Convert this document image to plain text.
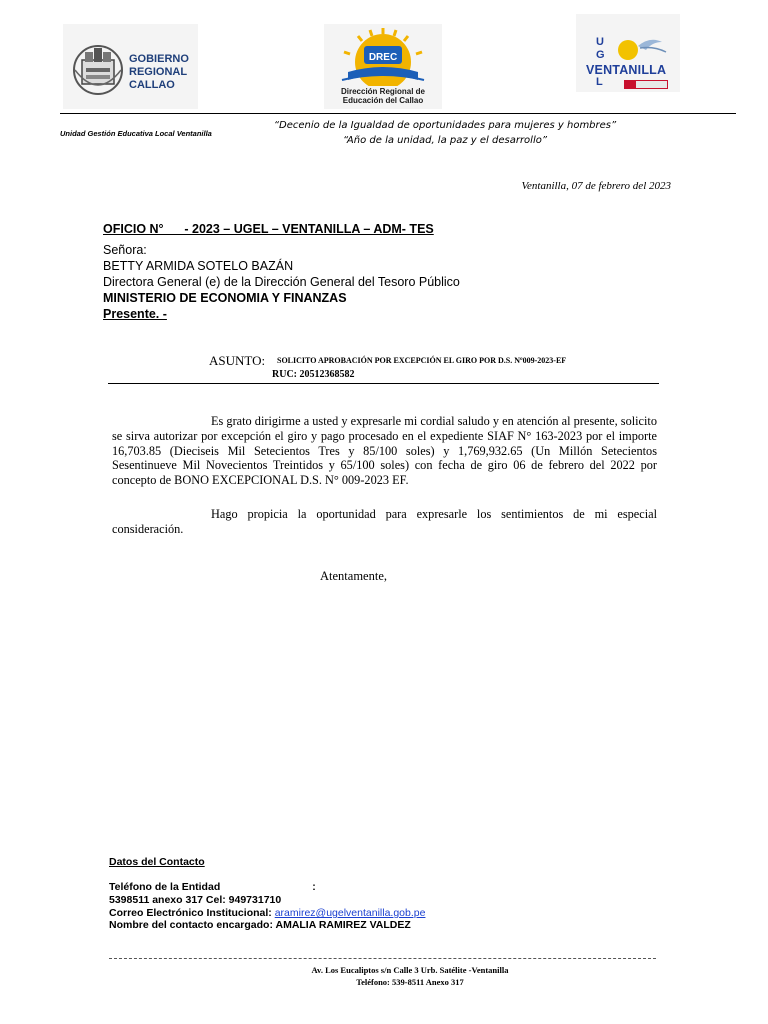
GOBIERNO
REGIONAL
CALLAO
DREC
Dirección Regional de
Educación del Callao
U
G
L
VENTANILLA
“Decenio de la Igualdad de oportunidades para mujeres y hombres”
Unidad Gestión Educativa Local Ventanilla
“Año de la unidad, la paz y el desarrollo”
Ventanilla, 07 de febrero del 2023
OFICIO N°      - 2023 – UGEL – VENTANILLA – ADM- TES
Señora:
BETTY ARMIDA SOTELO BAZÁN
Directora General (e) de la Dirección General del Tesoro Público
MINISTERIO DE ECONOMIA Y FINANZAS
Presente. -
ASUNTO: SOLICITO APROBACIÓN POR EXCEPCIÓN EL GIRO POR D.S. Nº009-2023-EF
RUC: 20512368582
Es grato dirigirme a usted y expresarle mi cordial saludo y en atención al presente, solicito se sirva autorizar por excepción el giro y pago procesado en el expediente SIAF N° 163-2023 por el importe 16,703.85 (Dieciseis Mil Setecientos Tres y 85/100 soles) y 1,769,932.65 (Un Millón Setecientos Sesentinueve Mil Novecientos Treintidos y 65/100 soles) con fecha de giro 06 de febrero del 2022 por concepto de BONO EXCEPCIONAL D.S. N° 009-2023 EF.
Hago propicia la oportunidad para expresarle los sentimientos de mi especial consideración.
Atentamente,
Datos del Contacto
Teléfono de la Entidad	:
5398511 anexo 317 Cel: 949731710
Correo Electrónico Institucional: aramirez@ugelventanilla.gob.pe
Nombre del contacto encargado: AMALIA RAMIREZ VALDEZ
Av. Los Eucaliptos s/n Calle 3 Urb. Satélite -Ventanilla
Teléfono: 539-8511 Anexo 317
